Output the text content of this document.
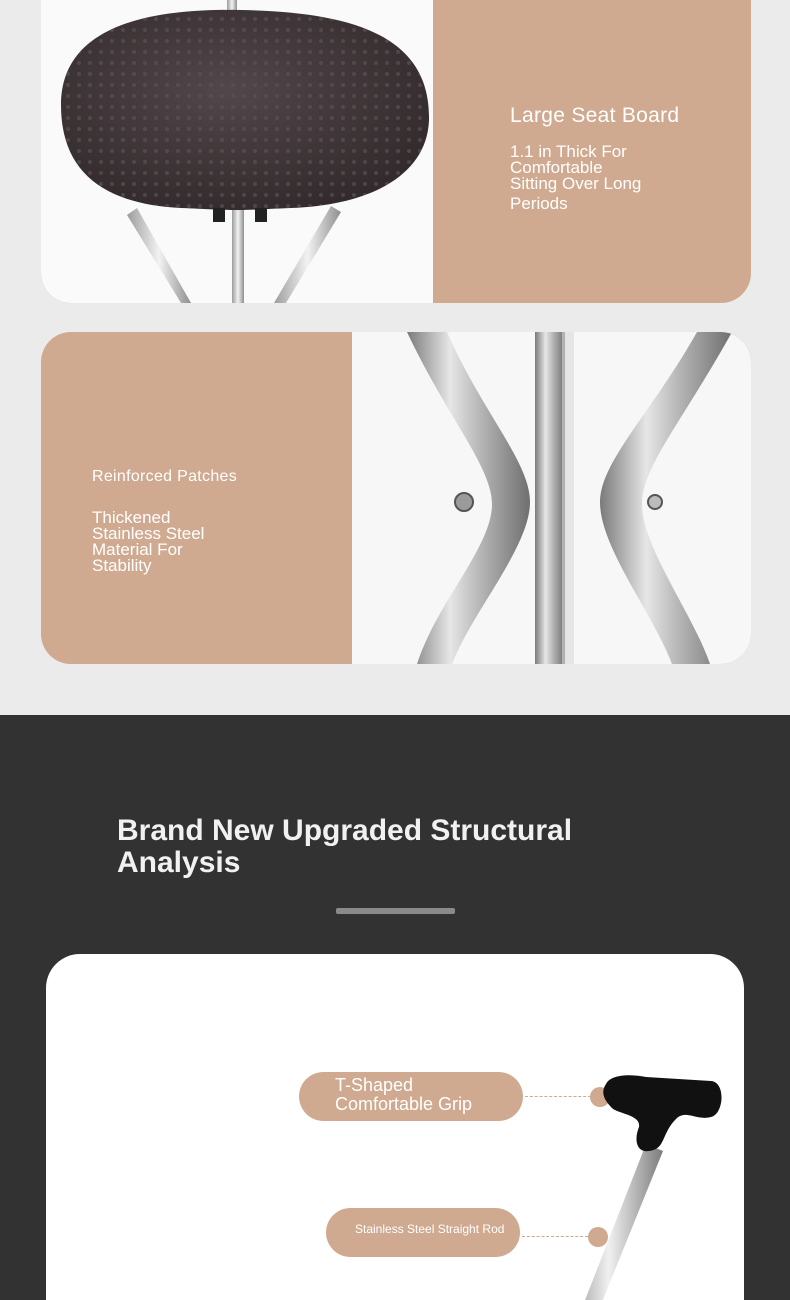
Large Seat Board
1.1 in Thick For
Comfortable
Sitting Over Long
Periods
Reinforced Patches
Thickened
Stainless Steel
Material For
Stability
Brand New Upgraded Structural
Analysis
T-Shaped
Comfortable Grip
Stainless Steel Straight Rod
